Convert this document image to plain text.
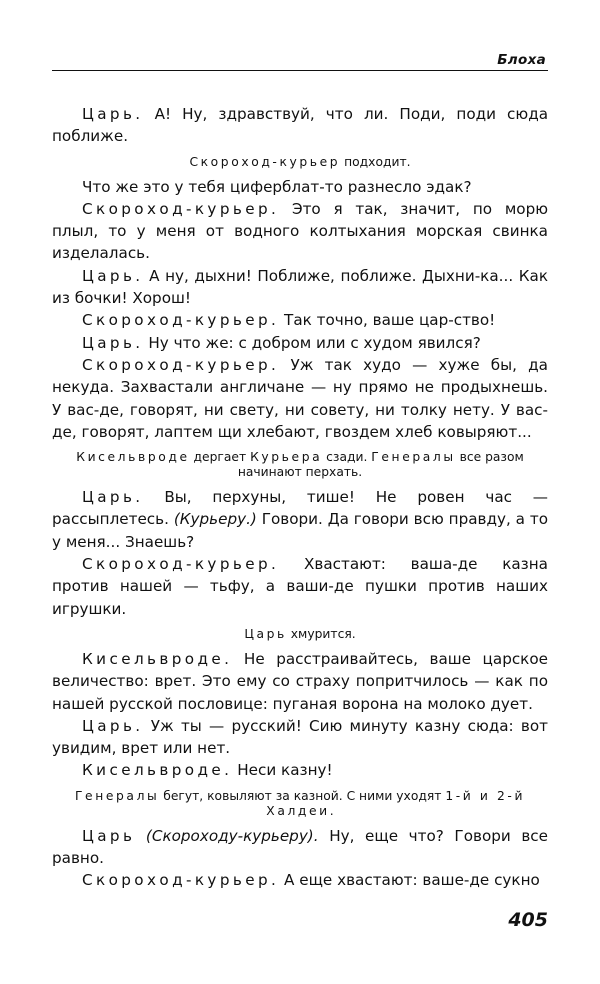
Блоха

Царь. А! Ну, здравствуй, что ли. Поди, поди сюда поближе.

Скороход-курьер подходит.

Что же это у тебя циферблат-то разнесло эдак?

Скороход-курьер. Это я так, значит, по морю плыл, то у меня от водного колтыхания морская свинка изделалась.

Царь. А ну, дыхни! Поближе, поближе. Дыхни-ка... Как из бочки! Хорош!

Скороход-курьер. Так точно, ваше цар-ство!

Царь. Ну что же: с добром или с худом явился?

Скороход-курьер. Уж так худо — хуже бы, да некуда. Захвастали англичане — ну прямо не продыхнешь. У вас-де, говорят, ни свету, ни совету, ни толку нету. У вас-де, говорят, лаптем щи хлебают, гвоздем хлеб ковыряют...

Кисельвроде дергает Курьера сзади. Генералы все разом начинают перхать.

Царь. Вы, перхуны, тише! Не ровен час — рассыплетесь. (Курьеру.) Говори. Да говори всю правду, а то у меня... Знаешь?

Скороход-курьер. Хвастают: ваша-де казна против нашей — тьфу, а ваши-де пушки против наших игрушки.

Царь хмурится.

Кисельвроде. Не расстраивайтесь, ваше царское величество: врет. Это ему со страху попритчилось — как по нашей русской пословице: пуганая ворона на молоко дует.

Царь. Уж ты — русский! Сию минуту казну сюда: вот увидим, врет или нет.

Кисельвроде. Неси казну!

Генералы бегут, ковыляют за казной. С ними уходят 1-й и 2-й Халдеи.

Царь (Скороходу-курьеру). Ну, еще что? Говори все равно.

Скороход-курьер. А еще хвастают: ваше-де сукно

405
